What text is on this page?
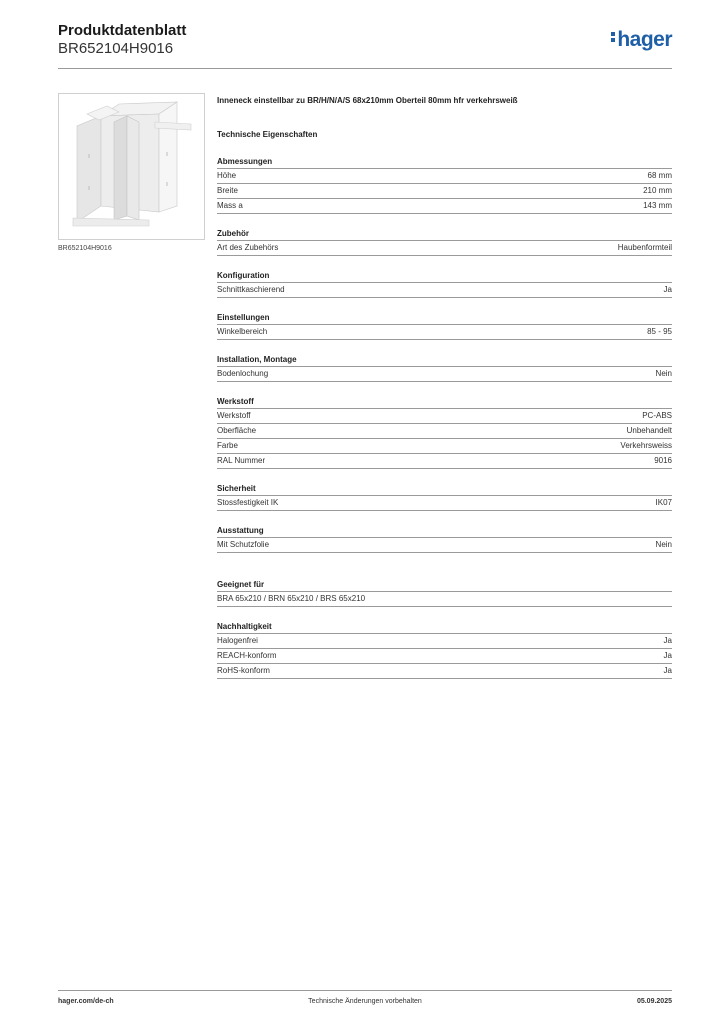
Produktdatenblatt
BR652104H9016	hager
BR652104H9016
Inneneck einstellbar zu BR/H/N/A/S 68x210mm Oberteil 80mm hfr verkehrsweiß
Technische Eigenschaften
Abmessungen
Höhe	68 mm
Breite	210 mm
Mass a	143 mm
Zubehör
Art des Zubehörs	Haubenformteil
Konfiguration
Schnittkaschierend	Ja
Einstellungen
Winkelbereich	85 - 95
Installation, Montage
Bodenlochung	Nein
Werkstoff
Werkstoff	PC-ABS
Oberfläche	Unbehandelt
Farbe	Verkehrsweiss
RAL Nummer	9016
Sicherheit
Stossfestigkeit IK	IK07
Ausstattung
Mit Schutzfolie	Nein
Geeignet für
BRA 65x210 / BRN 65x210 / BRS 65x210
Nachhaltigkeit
Halogenfrei	Ja
REACH-konform	Ja
RoHS-konform	Ja
Technische Änderungen vorbehalten
hager.com/de-ch	05.09.2025
